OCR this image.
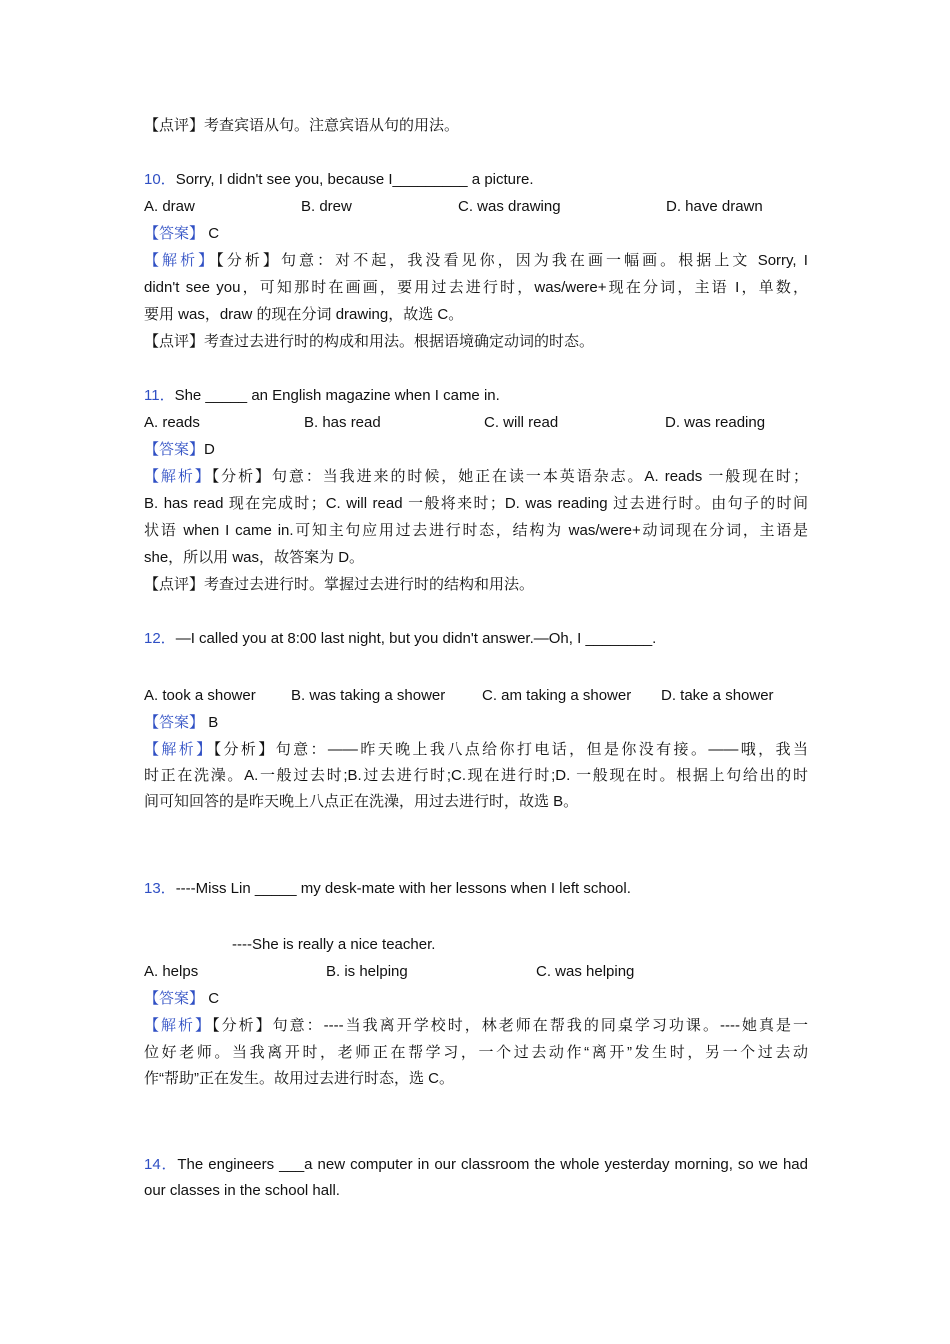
【点评】考查宾语从句。注意宾语从句的用法。
10．Sorry, I didn't see you, because I_________ a picture.
A. draw	B. drew	C. was drawing	D. have drawn
【答案】 C
【解析】【分析】句意：对不起，我没看见你，因为我在画一幅画。根据上文 Sorry, I
didn't see you，可知那时在画画，要用过去进行时，was/were+现在分词，主语 I，单数，
要用 was，draw 的现在分词 drawing，故选 C。
【点评】考查过去进行时的构成和用法。根据语境确定动词的时态。
11．She _____ an English magazine when I came in.
A. reads	B. has read	C. will read	D. was reading
【答案】D
【解析】【分析】句意：当我进来的时候，她正在读一本英语杂志。A. reads 一般现在时；
B. has read 现在完成时；C. will read 一般将来时；D. was reading 过去进行时。由句子的时间
状语 when I came in.可知主句应用过去进行时态，结构为 was/were+动词现在分词，主语是
she，所以用 was，故答案为 D。
【点评】考查过去进行时。掌握过去进行时的结构和用法。
12．—I called you at 8:00 last night, but you didn't answer.—Oh, I ________.
A. took a shower B. was taking a shower C. am taking a shower D. take a shower
【答案】 B
【解析】【分析】句意：——昨天晚上我八点给你打电话，但是你没有接。——哦，我当
时正在洗澡。A.一般过去时;B.过去进行时;C.现在进行时;D. 一般现在时。根据上句给出的时
间可知回答的是昨天晚上八点正在洗澡，用过去进行时，故选 B。
13．----Miss Lin _____ my desk-mate with her lessons when I left school.
----She is really a nice teacher.
A. helps	B. is helping	C. was helping
【答案】 C
【解析】【分析】句意：----当我离开学校时，林老师在帮我的同桌学习功课。----她真是一
位好老师。当我离开时，老师正在帮学习，一个过去动作“离开”发生时，另一个过去动
作“帮助”正在发生。故用过去进行时态，选 C。
14．The engineers ___a new computer in our classroom the whole yesterday morning, so we had
our classes in the school hall.
